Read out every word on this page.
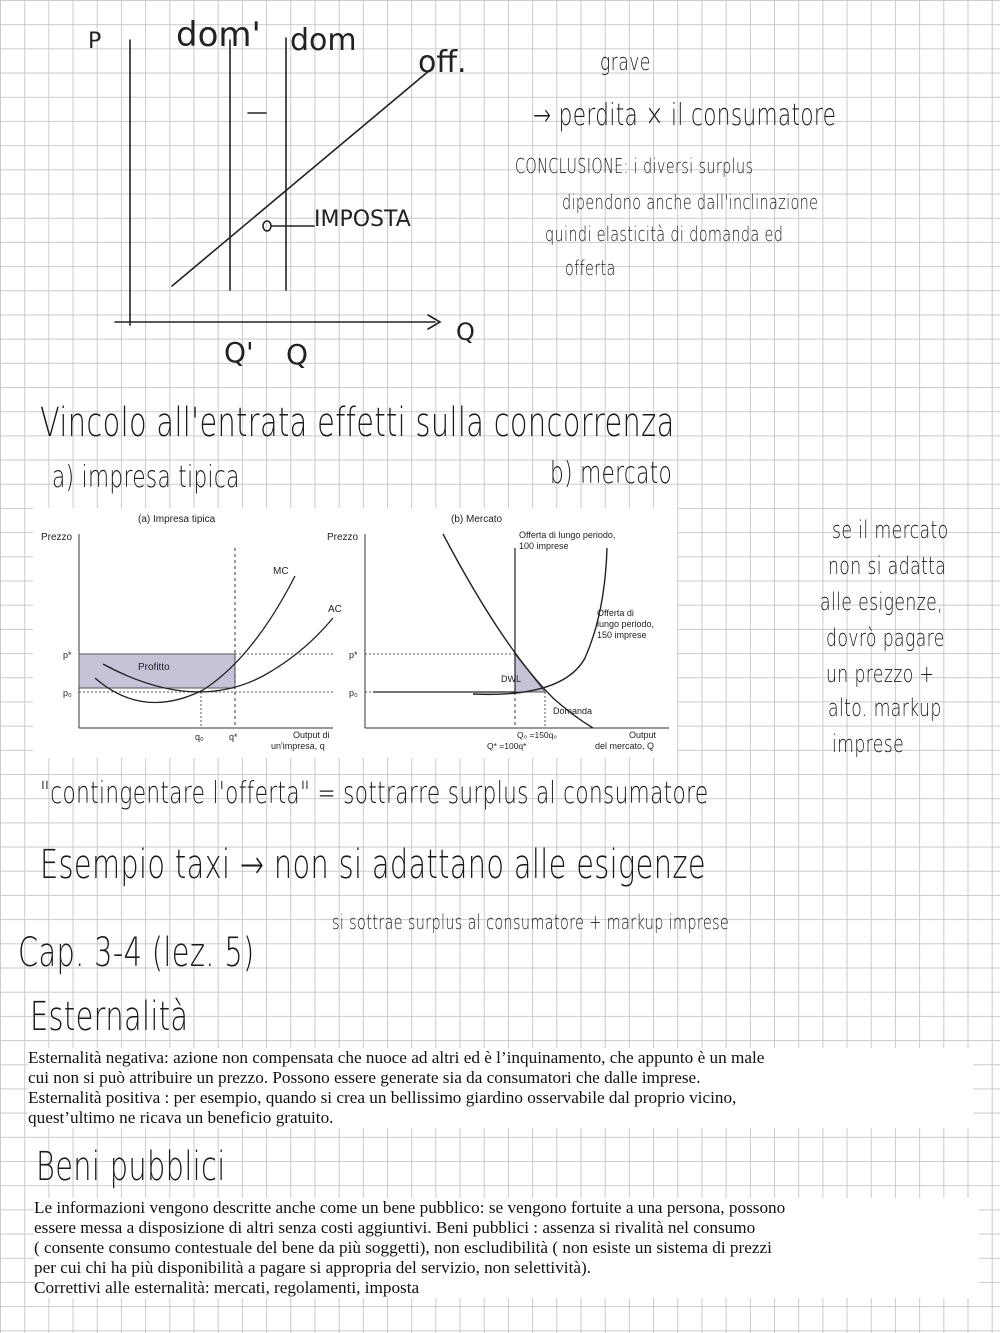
P dom' dom
off.
IMPOSTA
Q
Q' Q

grave

→ perdita × il consumatore

CONCLUSIONE: i diversi surplus

dipendono anche dall'inclinazione

quindi elasticità di domanda ed

offerta

Vincolo all'entrata effetti sulla concorrenza

a) impresa tipica	b) mercato

(a) Impresa tipica
Prezzo
Profitto
MC
AC
p*
p₀
q₀	q*	Output di
un'impresa, q
(b) Mercato
Prezzo
DWL
Offerta di lungo periodo,
100 imprese
Offerta di
lungo periodo,
150 imprese
Domanda
p*
p₀
Q₀ =150q₀
Q* =100q*
Output
del mercato, Q

se il mercato

non si adatta

alle esigenze,

dovrò pagare

un prezzo +

alto. markup

imprese

"contingentare l'offerta" = sottrarre surplus al consumatore

Esempio taxi → non si adattano alle esigenze

si sottrae surplus al consumatore + markup imprese

Cap. 3-4 (lez. 5)

Esternalità

Esternalità negativa: azione non compensata che nuoce ad altri ed è l’inquinamento, che appunto è un male

cui non si può attribuire un prezzo. Possono essere generate sia da consumatori che dalle imprese.

Esternalità positiva : per esempio, quando si crea un bellissimo giardino osservabile dal proprio vicino,

quest’ultimo ne ricava un beneficio gratuito.

Beni pubblici

Le informazioni vengono descritte anche come un bene pubblico: se vengono fortuite a una persona, possono

essere messa a disposizione di altri senza costi aggiuntivi. Beni pubblici : assenza si rivalità nel consumo

( consente consumo contestuale del bene da più soggetti), non escludibilità ( non esiste un sistema di prezzi

per cui chi ha più disponibilità a pagare si appropria del servizio, non selettività).

Correttivi alle esternalità: mercati, regolamenti, imposta
